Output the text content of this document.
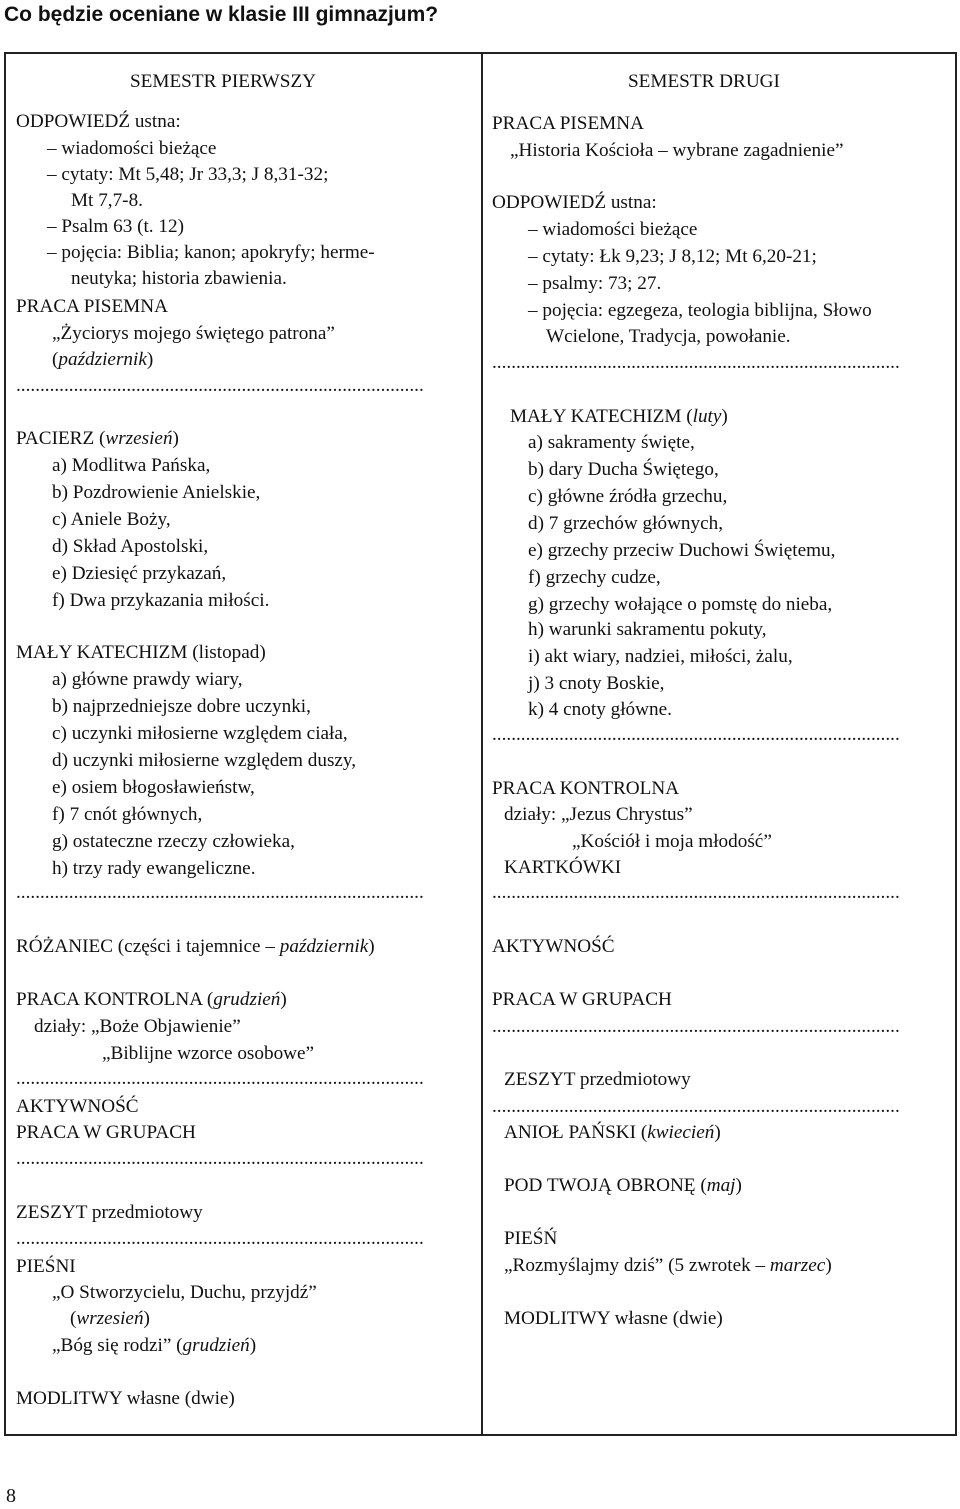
Co będzie oceniane w klasie III gimnazjum?
SEMESTR PIERWSZY
ODPOWIEDŹ ustna:
– wiadomości bieżące
– cytaty: Mt 5,48; Jr 33,3; J 8,31-32;
Mt 7,7-8.
– Psalm 63 (t. 12)
– pojęcia: Biblia; kanon; apokryfy; herme-
neutyka; historia zbawienia.
PRACA PISEMNA
„Życiorys mojego świętego patrona”
(październik)
.....................................................................................
PACIERZ (wrzesień)
a) Modlitwa Pańska,
b) Pozdrowienie Anielskie,
c) Aniele Boży,
d) Skład Apostolski,
e) Dziesięć przykazań,
f) Dwa przykazania miłości.
MAŁY KATECHIZM (listopad)
a) główne prawdy wiary,
b) najprzedniejsze dobre uczynki,
c) uczynki miłosierne względem ciała,
d) uczynki miłosierne względem duszy,
e) osiem błogosławieństw,
f) 7 cnót głównych,
g) ostateczne rzeczy człowieka,
h) trzy rady ewangeliczne.
.....................................................................................
RÓŻANIEC (części i tajemnice – październik)
PRACA KONTROLNA (grudzień)
działy: „Boże Objawienie”
„Biblijne wzorce osobowe”
.....................................................................................
AKTYWNOŚĆ
PRACA W GRUPACH
.....................................................................................
ZESZYT przedmiotowy
.....................................................................................
PIEŚNI
„O Stworzycielu, Duchu, przyjdź”
(wrzesień)
„Bóg się rodzi” (grudzień)
MODLITWY własne (dwie)
SEMESTR DRUGI
PRACA PISEMNA
„Historia Kościoła – wybrane zagadnienie”
ODPOWIEDŹ ustna:
– wiadomości bieżące
– cytaty: Łk 9,23; J 8,12; Mt 6,20-21;
– psalmy: 73; 27.
– pojęcia: egzegeza, teologia biblijna, Słowo
Wcielone, Tradycja, powołanie.
.....................................................................................
MAŁY KATECHIZM (luty)
a) sakramenty święte,
b) dary Ducha Świętego,
c) główne źródła grzechu,
d) 7 grzechów głównych,
e) grzechy przeciw Duchowi Świętemu,
f) grzechy cudze,
g) grzechy wołające o pomstę do nieba,
h) warunki sakramentu pokuty,
i) akt wiary, nadziei, miłości, żalu,
j) 3 cnoty Boskie,
k) 4 cnoty główne.
.....................................................................................
PRACA KONTROLNA
działy: „Jezus Chrystus”
„Kościół i moja młodość”
KARTKÓWKI
.....................................................................................
AKTYWNOŚĆ
PRACA W GRUPACH
.....................................................................................
ZESZYT przedmiotowy
.....................................................................................
ANIOŁ PAŃSKI (kwiecień)
POD TWOJĄ OBRONĘ (maj)
PIEŚŃ
„Rozmyślajmy dziś” (5 zwrotek – marzec)
MODLITWY własne (dwie)
8
